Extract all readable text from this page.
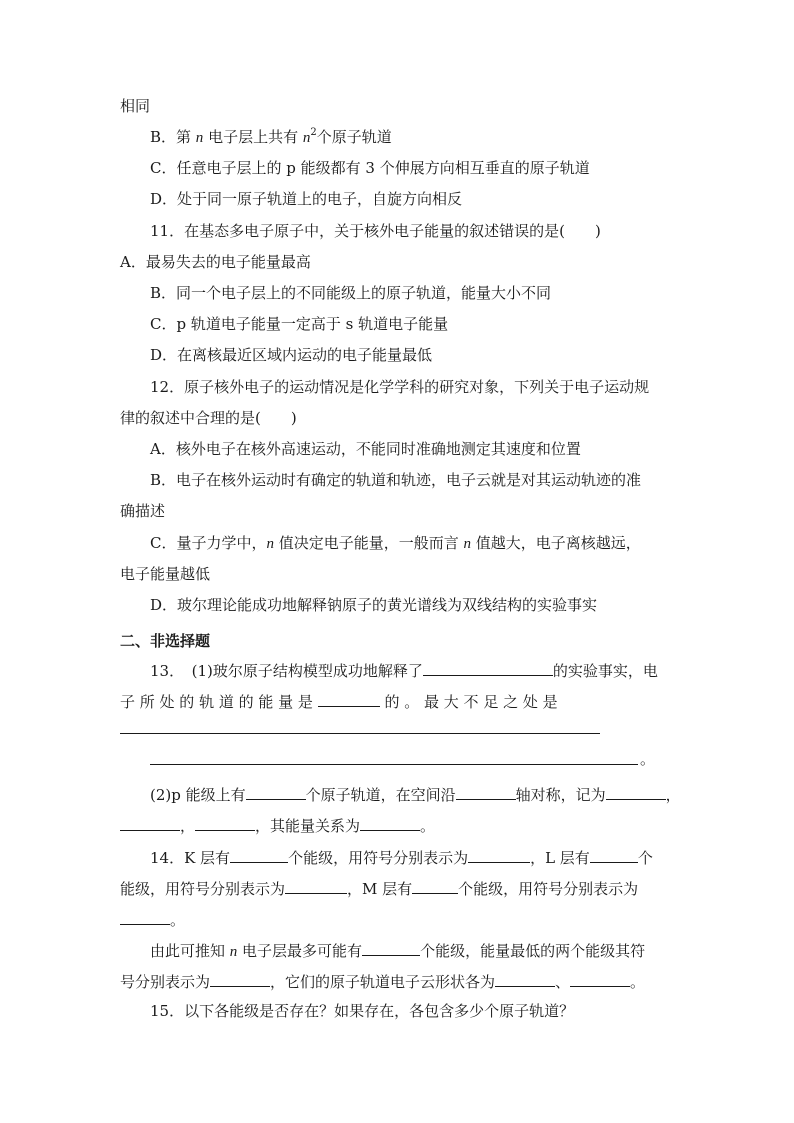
相同
B．第 n 电子层上共有 $n^2$个原子轨道
C．任意电子层上的 p 能级都有 3 个伸展方向相互垂直的原子轨道
D．处于同一原子轨道上的电子，自旋方向相反
11．在基态多电子原子中，关于核外电子能量的叙述错误的是(　　)
A．最易失去的电子能量最高
B．同一个电子层上的不同能级上的原子轨道，能量大小不同
C．p 轨道电子能量一定高于 s 轨道电子能量
D．在离核最近区域内运动的电子能量最低
12．原子核外电子的运动情况是化学学科的研究对象，下列关于电子运动规
律的叙述中合理的是(　　)
A．核外电子在核外高速运动，不能同时准确地测定其速度和位置
B．电子在核外运动时有确定的轨道和轨迹，电子云就是对其运动轨迹的准
确描述
C．量子力学中，n 值决定电子能量，一般而言 n 值越大，电子离核越远，
电子能量越低
D．玻尔理论能成功地解释钠原子的黄光谱线为双线结构的实验事实
二、非选择题
13．　(1)玻尔原子结构模型成功地解释了	的实验事实，电
子 所 处 的 轨 道 的 能 量 是	的 。 最 大 不 足 之 处 是
。
(2)p 能级上有	个原子轨道，在空间沿	轴对称，记为	，
，	，其能量关系为	。
14．K 层有	个能级，用符号分别表示为	，L 层有	个
能级，用符号分别表示为	，M 层有	个能级，用符号分别表示为
。
由此可推知 n 电子层最多可能有	个能级，能量最低的两个能级其符
号分别表示为	，它们的原子轨道电子云形状各为	、	。
15．以下各能级是否存在？如果存在，各包含多少个原子轨道？
